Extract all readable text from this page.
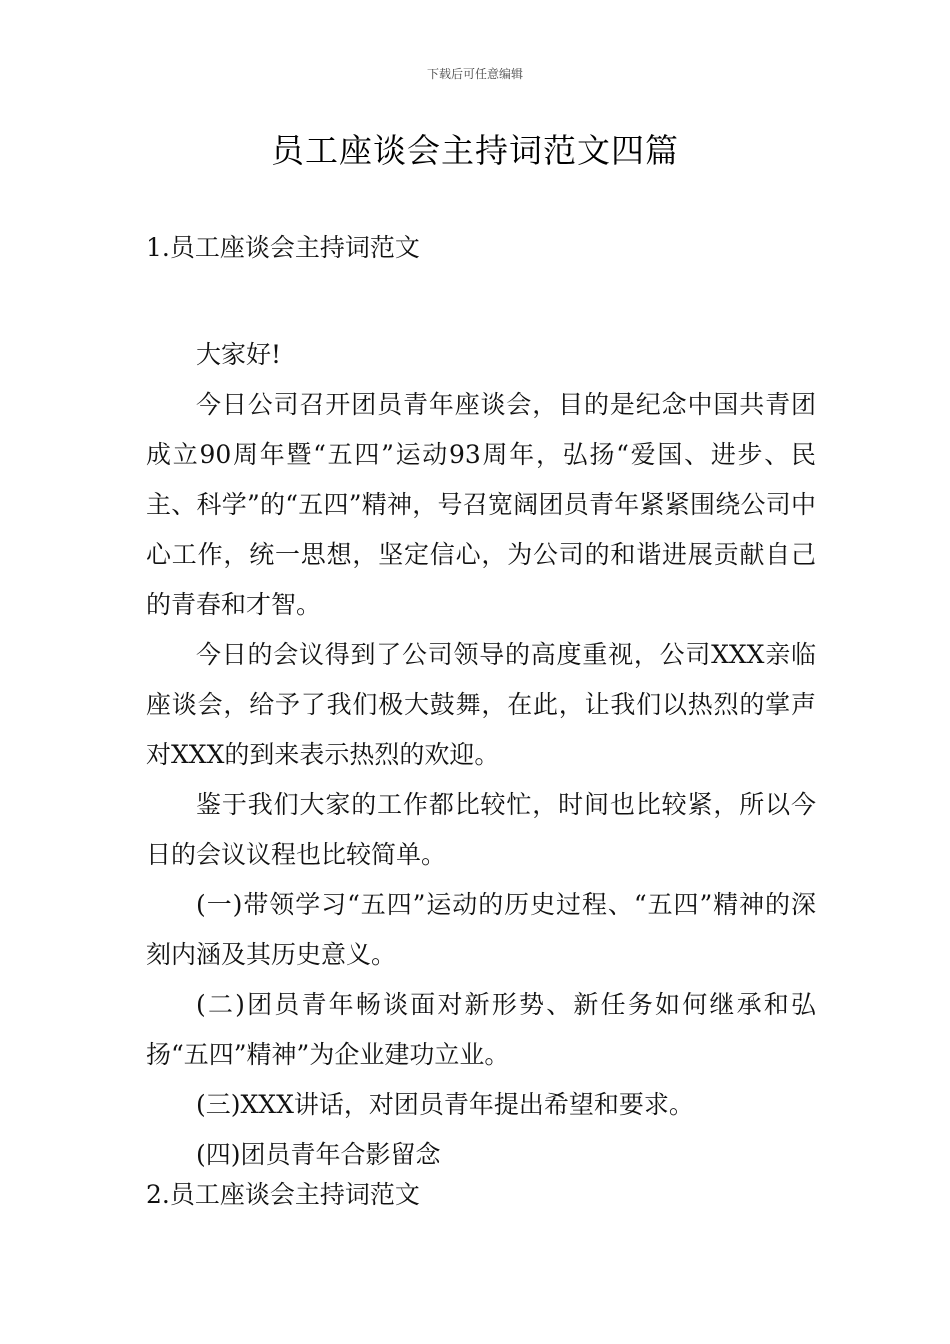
下载后可任意编辑
员工座谈会主持词范文四篇
1.员工座谈会主持词范文

大家好!

今日公司召开团员青年座谈会，目的是纪念中国共青团成立90周年暨“五四”运动93周年，弘扬“爱国、进步、民主、科学”的“五四”精神，号召宽阔团员青年紧紧围绕公司中心工作，统一思想，坚定信心，为公司的和谐进展贡献自己的青春和才智。

今日的会议得到了公司领导的高度重视，公司XXX亲临座谈会，给予了我们极大鼓舞，在此，让我们以热烈的掌声对XXX的到来表示热烈的欢迎。

鉴于我们大家的工作都比较忙，时间也比较紧，所以今日的会议议程也比较简单。

(一)带领学习“五四”运动的历史过程、“五四”精神的深刻内涵及其历史意义。

(二)团员青年畅谈面对新形势、新任务如何继承和弘扬“五四”精神”为企业建功立业。

(三)XXX讲话，对团员青年提出希望和要求。

(四)团员青年合影留念

2.员工座谈会主持词范文
